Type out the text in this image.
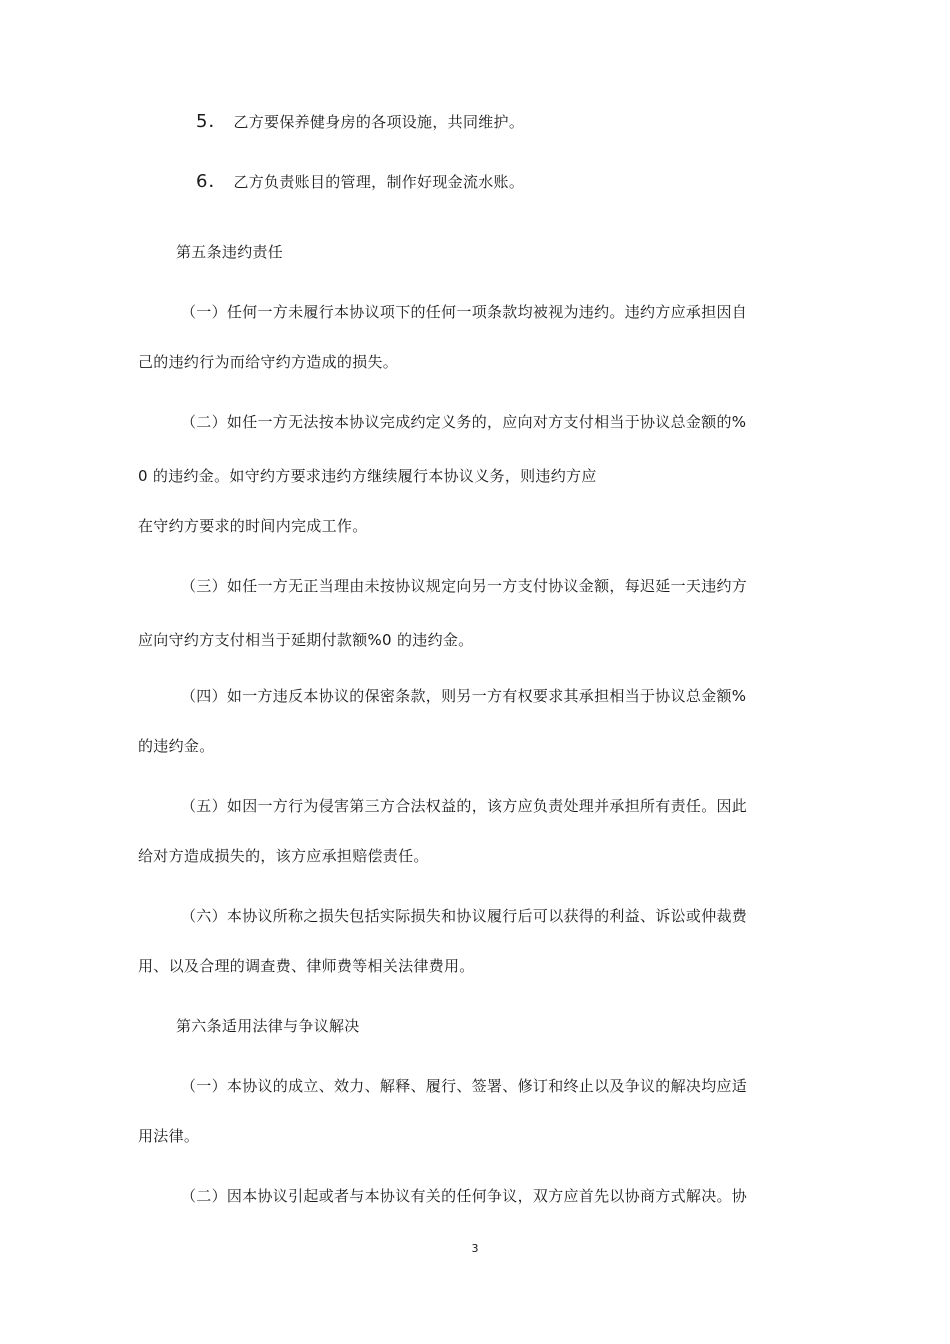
5． 乙方要保养健身房的各项设施，共同维护。
6． 乙方负责账目的管理，制作好现金流水账。
第五条违约责任
（一）任何一方未履行本协议项下的任何一项条款均被视为违约。违约方应承担因自
己的违约行为而给守约方造成的损失。
（二）如任一方无法按本协议完成约定义务的，应向对方支付相当于协议总金额的%
0 的违约金。如守约方要求违约方继续履行本协议义务，则违约方应
在守约方要求的时间内完成工作。
（三）如任一方无正当理由未按协议规定向另一方支付协议金额，每迟延一天违约方
应向守约方支付相当于延期付款额%0 的违约金。
（四）如一方违反本协议的保密条款，则另一方有权要求其承担相当于协议总金额%
的违约金。
（五）如因一方行为侵害第三方合法权益的，该方应负责处理并承担所有责任。因此
给对方造成损失的，该方应承担赔偿责任。
（六）本协议所称之损失包括实际损失和协议履行后可以获得的利益、诉讼或仲裁费
用、以及合理的调查费、律师费等相关法律费用。
第六条适用法律与争议解决
（一）本协议的成立、效力、解释、履行、签署、修订和终止以及争议的解决均应适
用法律。
（二）因本协议引起或者与本协议有关的任何争议，双方应首先以协商方式解决。协
3
